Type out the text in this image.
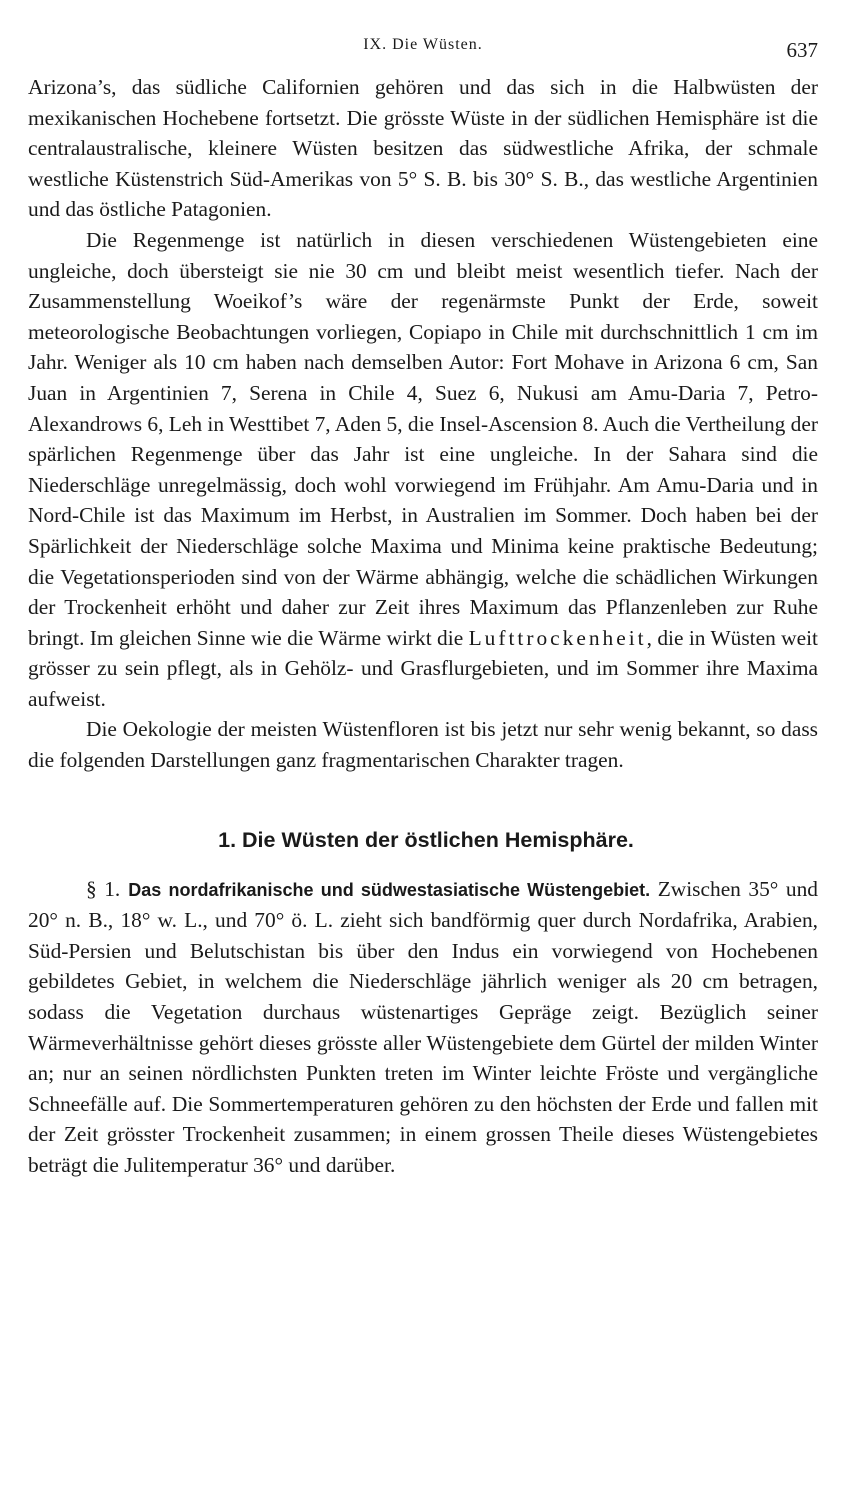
IX. Die Wüsten.	637

Arizona’s, das südliche Californien gehören und das sich in die Halbwüsten der mexikanischen Hochebene fortsetzt. Die grösste Wüste in der südlichen Hemisphäre ist die centralaustralische, kleinere Wüsten besitzen das südwestliche Afrika, der schmale westliche Küstenstrich Süd-Amerikas von 5° S. B. bis 30° S. B., das westliche Argentinien und das östliche Patagonien.

Die Regenmenge ist natürlich in diesen verschiedenen Wüstengebieten eine ungleiche, doch übersteigt sie nie 30 cm und bleibt meist wesentlich tiefer. Nach der Zusammenstellung Woeikof’s wäre der regenärmste Punkt der Erde, soweit meteorologische Beobachtungen vorliegen, Copiapo in Chile mit durchschnittlich 1 cm im Jahr. Weniger als 10 cm haben nach demselben Autor: Fort Mohave in Arizona 6 cm, San Juan in Argentinien 7, Serena in Chile 4, Suez 6, Nukusi am Amu-Daria 7, Petro-Alexandrows 6, Leh in Westtibet 7, Aden 5, die Insel-Ascension 8. Auch die Vertheilung der spärlichen Regenmenge über das Jahr ist eine ungleiche. In der Sahara sind die Niederschläge unregelmässig, doch wohl vorwiegend im Frühjahr. Am Amu-Daria und in Nord-Chile ist das Maximum im Herbst, in Australien im Sommer. Doch haben bei der Spärlichkeit der Niederschläge solche Maxima und Minima keine praktische Bedeutung; die Vegetationsperioden sind von der Wärme abhängig, welche die schädlichen Wirkungen der Trockenheit erhöht und daher zur Zeit ihres Maximum das Pflanzenleben zur Ruhe bringt. Im gleichen Sinne wie die Wärme wirkt die Lufttrockenheit, die in Wüsten weit grösser zu sein pflegt, als in Gehölz- und Grasflurgebieten, und im Sommer ihre Maxima aufweist.

Die Oekologie der meisten Wüstenfloren ist bis jetzt nur sehr wenig bekannt, so dass die folgenden Darstellungen ganz fragmentarischen Charakter tragen.

1. Die Wüsten der östlichen Hemisphäre.

§ 1. Das nordafrikanische und südwestasiatische Wüstengebiet. Zwischen 35° und 20° n. B., 18° w. L., und 70° ö. L. zieht sich bandförmig quer durch Nordafrika, Arabien, Süd-Persien und Belutschistan bis über den Indus ein vorwiegend von Hochebenen gebildetes Gebiet, in welchem die Niederschläge jährlich weniger als 20 cm betragen, sodass die Vegetation durchaus wüstenartiges Gepräge zeigt. Bezüglich seiner Wärmeverhältnisse gehört dieses grösste aller Wüstengebiete dem Gürtel der milden Winter an; nur an seinen nördlichsten Punkten treten im Winter leichte Fröste und vergängliche Schneefälle auf. Die Sommertemperaturen gehören zu den höchsten der Erde und fallen mit der Zeit grösster Trockenheit zusammen; in einem grossen Theile dieses Wüstengebietes beträgt die Julitemperatur 36° und darüber.
